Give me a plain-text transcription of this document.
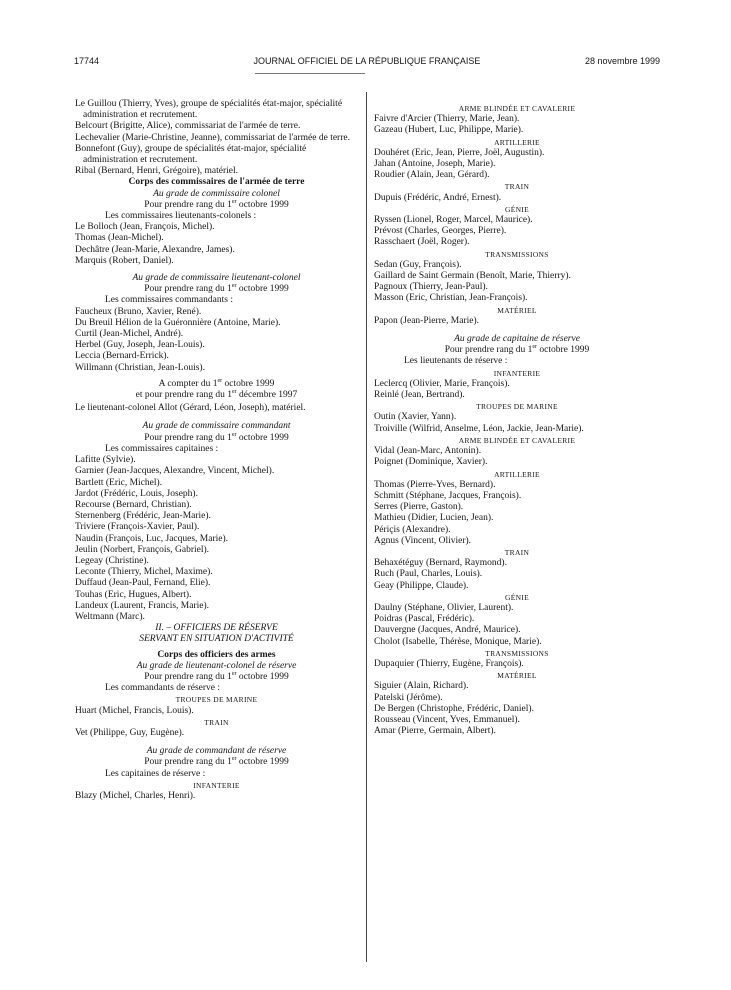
17744	JOURNAL OFFICIEL DE LA RÉPUBLIQUE FRANÇAISE	28 novembre 1999
Le Guillou (Thierry, Yves), groupe de spécialités état-major, spécialité administration et recrutement.
Belcourt (Brigitte, Alice), commissariat de l'armée de terre.
Lechevalier (Marie-Christine, Jeanne), commissariat de l'armée de terre.
Bonnefont (Guy), groupe de spécialités état-major, spécialité administration et recrutement.
Ribal (Bernard, Henri, Grégoire), matériel.
Corps des commissaires de l'armée de terre
Au grade de commissaire colonel
Pour prendre rang du 1er octobre 1999
Les commissaires lieutenants-colonels :
Le Bolloch (Jean, François, Michel).
Thomas (Jean-Michel).
Dechâtre (Jean-Marie, Alexandre, James).
Marquis (Robert, Daniel).
Au grade de commissaire lieutenant-colonel
Pour prendre rang du 1er octobre 1999
Les commissaires commandants :
Faucheux (Bruno, Xavier, René).
Du Breuil Hélion de la Guéronnière (Antoine, Marie).
Curtil (Jean-Michel, André).
Herbel (Guy, Joseph, Jean-Louis).
Leccia (Bernard-Errick).
Willmann (Christian, Jean-Louis).
A compter du 1er octobre 1999
et pour prendre rang du 1er décembre 1997
Le lieutenant-colonel Allot (Gérard, Léon, Joseph), matériel.
Au grade de commissaire commandant
Pour prendre rang du 1er octobre 1999
Les commissaires capitaines :
Lafitte (Sylvie).
Garnier (Jean-Jacques, Alexandre, Vincent, Michel).
Bartlett (Eric, Michel).
Jardot (Frédéric, Louis, Joseph).
Recourse (Bernard, Christian).
Sternenberg (Frédéric, Jean-Marie).
Triviere (François-Xavier, Paul).
Naudin (François, Luc, Jacques, Marie).
Jeulin (Norbert, François, Gabriel).
Legeay (Christine).
Leconte (Thierry, Michel, Maxime).
Duffaud (Jean-Paul, Fernand, Elie).
Touhas (Eric, Hugues, Albert).
Landeux (Laurent, Francis, Marie).
Weltmann (Marc).
II. – OFFICIERS DE RÉSERVE
SERVANT EN SITUATION D'ACTIVITÉ
Corps des officiers des armes
Au grade de lieutenant-colonel de réserve
Pour prendre rang du 1er octobre 1999
Les commandants de réserve :
TROUPES DE MARINE
Huart (Michel, Francis, Louis).
TRAIN
Vet (Philippe, Guy, Eugène).
Au grade de commandant de réserve
Pour prendre rang du 1er octobre 1999
Les capitaines de réserve :
INFANTERIE
Blazy (Michel, Charles, Henri).
ARME BLINDÉE ET CAVALERIE
Faivre d'Arcier (Thierry, Marie, Jean).
Gazeau (Hubert, Luc, Philippe, Marie).
ARTILLERIE
Douhéret (Eric, Jean, Pierre, Joël, Augustin).
Jahan (Antoine, Joseph, Marie).
Roudier (Alain, Jean, Gérard).
TRAIN
Dupuis (Frédéric, André, Ernest).
GÉNIE
Ryssen (Lionel, Roger, Marcel, Maurice).
Prévost (Charles, Georges, Pierre).
Rasschaert (Joël, Roger).
TRANSMISSIONS
Sedan (Guy, François).
Gaillard de Saint Germain (Benoît, Marie, Thierry).
Pagnoux (Thierry, Jean-Paul).
Masson (Eric, Christian, Jean-François).
MATÉRIEL
Papon (Jean-Pierre, Marie).
Au grade de capitaine de réserve
Pour prendre rang du 1er octobre 1999
Les lieutenants de réserve :
INFANTERIE
Leclercq (Olivier, Marie, François).
Reinlé (Jean, Bertrand).
TROUPES DE MARINE
Outin (Xavier, Yann).
Troiville (Wilfrid, Anselme, Léon, Jackie, Jean-Marie).
ARME BLINDÉE ET CAVALERIE
Vidal (Jean-Marc, Antonin).
Poignet (Dominique, Xavier).
ARTILLERIE
Thomas (Pierre-Yves, Bernard).
Schmitt (Stéphane, Jacques, François).
Serres (Pierre, Gaston).
Mathieu (Didier, Lucien, Jean).
Périçis (Alexandre).
Agnus (Vincent, Olivier).
TRAIN
Behaxétéguy (Bernard, Raymond).
Ruch (Paul, Charles, Louis).
Geay (Philippe, Claude).
GÉNIE
Daulny (Stéphane, Olivier, Laurent).
Poidras (Pascal, Frédéric).
Dauvergne (Jacques, André, Maurice).
Cholot (Isabelle, Thérèse, Monique, Marie).
TRANSMISSIONS
Dupaquier (Thierry, Eugène, François).
MATÉRIEL
Siguier (Alain, Richard).
Patelski (Jérôme).
De Bergen (Christophe, Frédéric, Daniel).
Rousseau (Vincent, Yves, Emmanuel).
Amar (Pierre, Germain, Albert).
